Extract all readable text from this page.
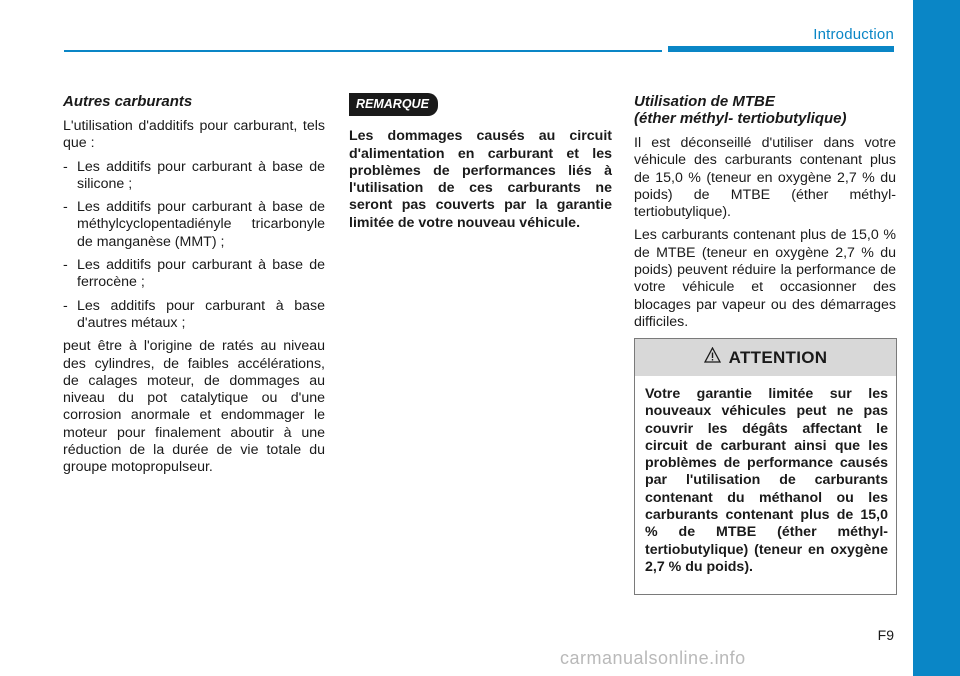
Introduction
Autres carburants

L'utilisation d'additifs pour carburant, tels que :

- Les additifs pour carburant à base de silicone ;
- Les additifs pour carburant à base de méthylcyclopentadiényle tricarbonyle de manganèse (MMT) ;
- Les additifs pour carburant à base de ferrocène ;
- Les additifs pour carburant à base d'autres métaux ;

peut être à l'origine de ratés au niveau des cylindres, de faibles accélérations, de calages moteur, de dommages au niveau du pot catalytique ou d'une corrosion anormale et endommager le moteur pour finalement aboutir à une réduction de la durée de vie totale du groupe motopropulseur.

REMARQUE

Les dommages causés au circuit d'alimentation en carburant et les problèmes de performances liés à l'utilisation de ces carburants ne seront pas couverts par la garantie limitée de votre nouveau véhicule.

Utilisation de MTBE
(éther méthyl- tertiobutylique)

Il est déconseillé d'utiliser dans votre véhicule des carburants contenant plus de 15,0 % (teneur en oxygène 2,7 % du poids) de MTBE (éther méthyl- tertiobutylique).

Les carburants contenant plus de 15,0 % de MTBE (teneur en oxygène 2,7 % du poids) peuvent réduire la performance de votre véhicule et occasionner des blocages par vapeur ou des démarrages difficiles.

ATTENTION
Votre garantie limitée sur les nouveaux véhicules peut ne pas couvrir les dégâts affectant le circuit de carburant ainsi que les problèmes de performance causés par l'utilisation de carburants contenant du méthanol ou les carburants contenant plus de 15,0 % de MTBE (éther méthyl- tertiobutylique) (teneur en oxygène 2,7 % du poids).
F9
carmanualsonline.info
